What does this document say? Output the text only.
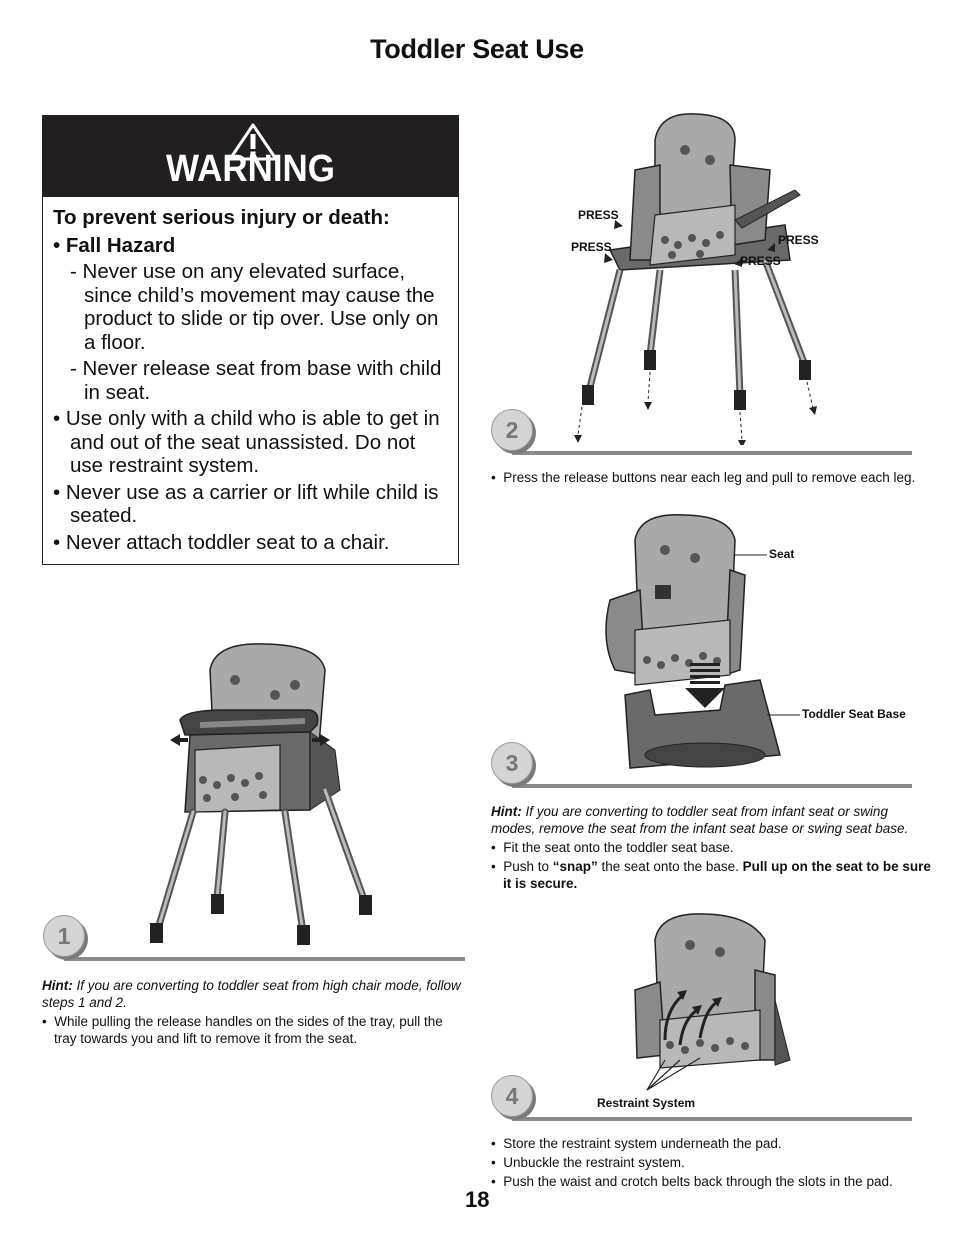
Toddler Seat Use
WARNING
To prevent serious injury or death:
• Fall Hazard
- Never use on any elevated surface, since child’s movement may cause the product to slide or tip over. Use only on a floor.
- Never release seat from base with child in seat.
• Use only with a child who is able to get in and out of the seat unassisted. Do not use restraint system.
• Never use as a carrier or lift while child is seated.
• Never attach toddler seat to a chair.
PRESS
PRESS	PRESS
PRESS
2
•  Press the release buttons near each leg and pull to remove each leg.
Seat
Toddler Seat Base
3
Hint: If you are converting to toddler seat from infant seat or swing modes, remove the seat from the infant seat base or swing seat base.
•  Fit the seat onto the toddler seat base.
•  Push to “snap” the seat onto the base. Pull up on the seat to be sure it is secure.
Restraint System
4
•  Store the restraint system underneath the pad.
•  Unbuckle the restraint system.
•  Push the waist and crotch belts back through the slots in the pad.
1
Hint: If you are converting to toddler seat from high chair mode, follow steps 1 and 2.
•  While pulling the release handles on the sides of the tray, pull the tray towards you and lift to remove it from the seat.
18
